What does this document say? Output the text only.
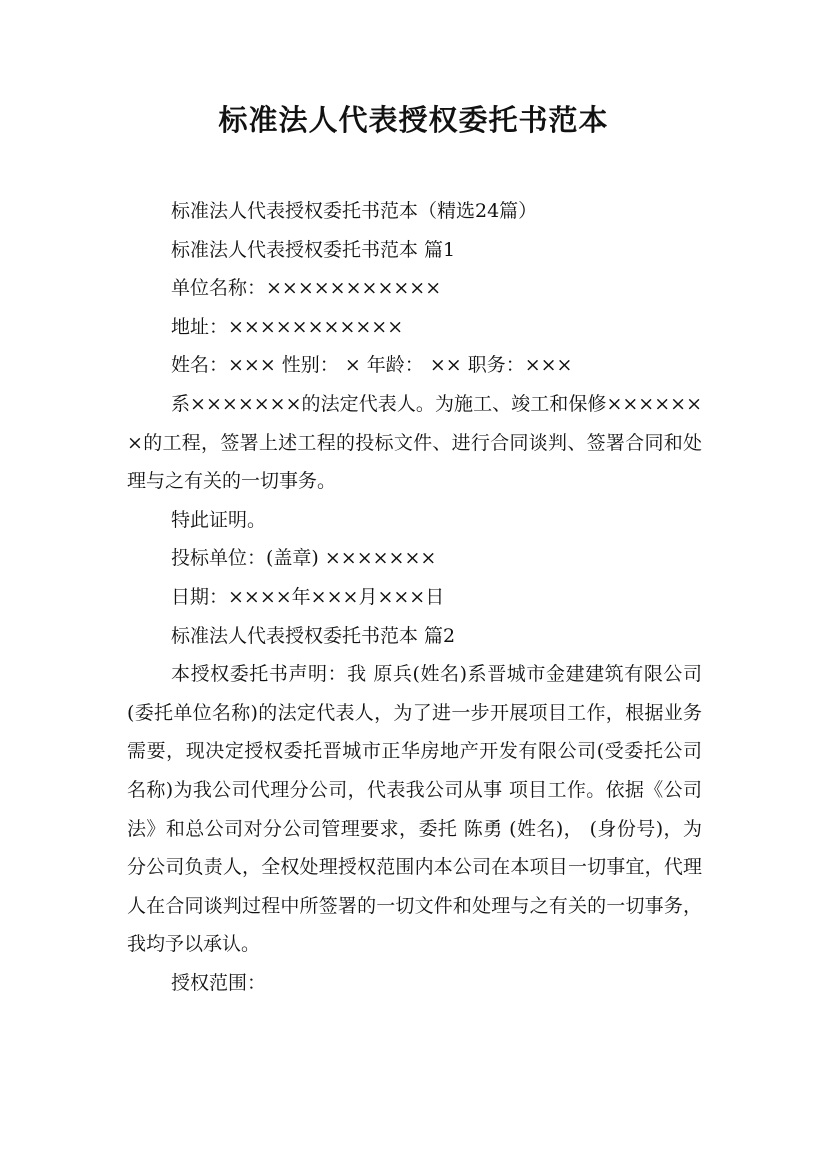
标准法人代表授权委托书范本
标准法人代表授权委托书范本（精选24篇）
标准法人代表授权委托书范本 篇1
单位名称：×××××××××××
地址：×××××××××××
姓名：××× 性别： × 年龄： ×× 职务：×××
系×××××××的法定代表人。为施工、竣工和保修×××××××的工程，签署上述工程的投标文件、进行合同谈判、签署合同和处理与之有关的一切事务。
特此证明。
投标单位：(盖章) ×××××××
日期：××××年×××月×××日
标准法人代表授权委托书范本 篇2
本授权委托书声明：我 原兵(姓名)系晋城市金建建筑有限公司(委托单位名称)的法定代表人，为了进一步开展项目工作，根据业务需要，现决定授权委托晋城市正华房地产开发有限公司(受委托公司名称)为我公司代理分公司，代表我公司从事 项目工作。依据《公司法》和总公司对分公司管理要求，委托 陈勇 (姓名)， (身份号)，为分公司负责人，全权处理授权范围内本公司在本项目一切事宜，代理人在合同谈判过程中所签署的一切文件和处理与之有关的一切事务，我均予以承认。
授权范围：
